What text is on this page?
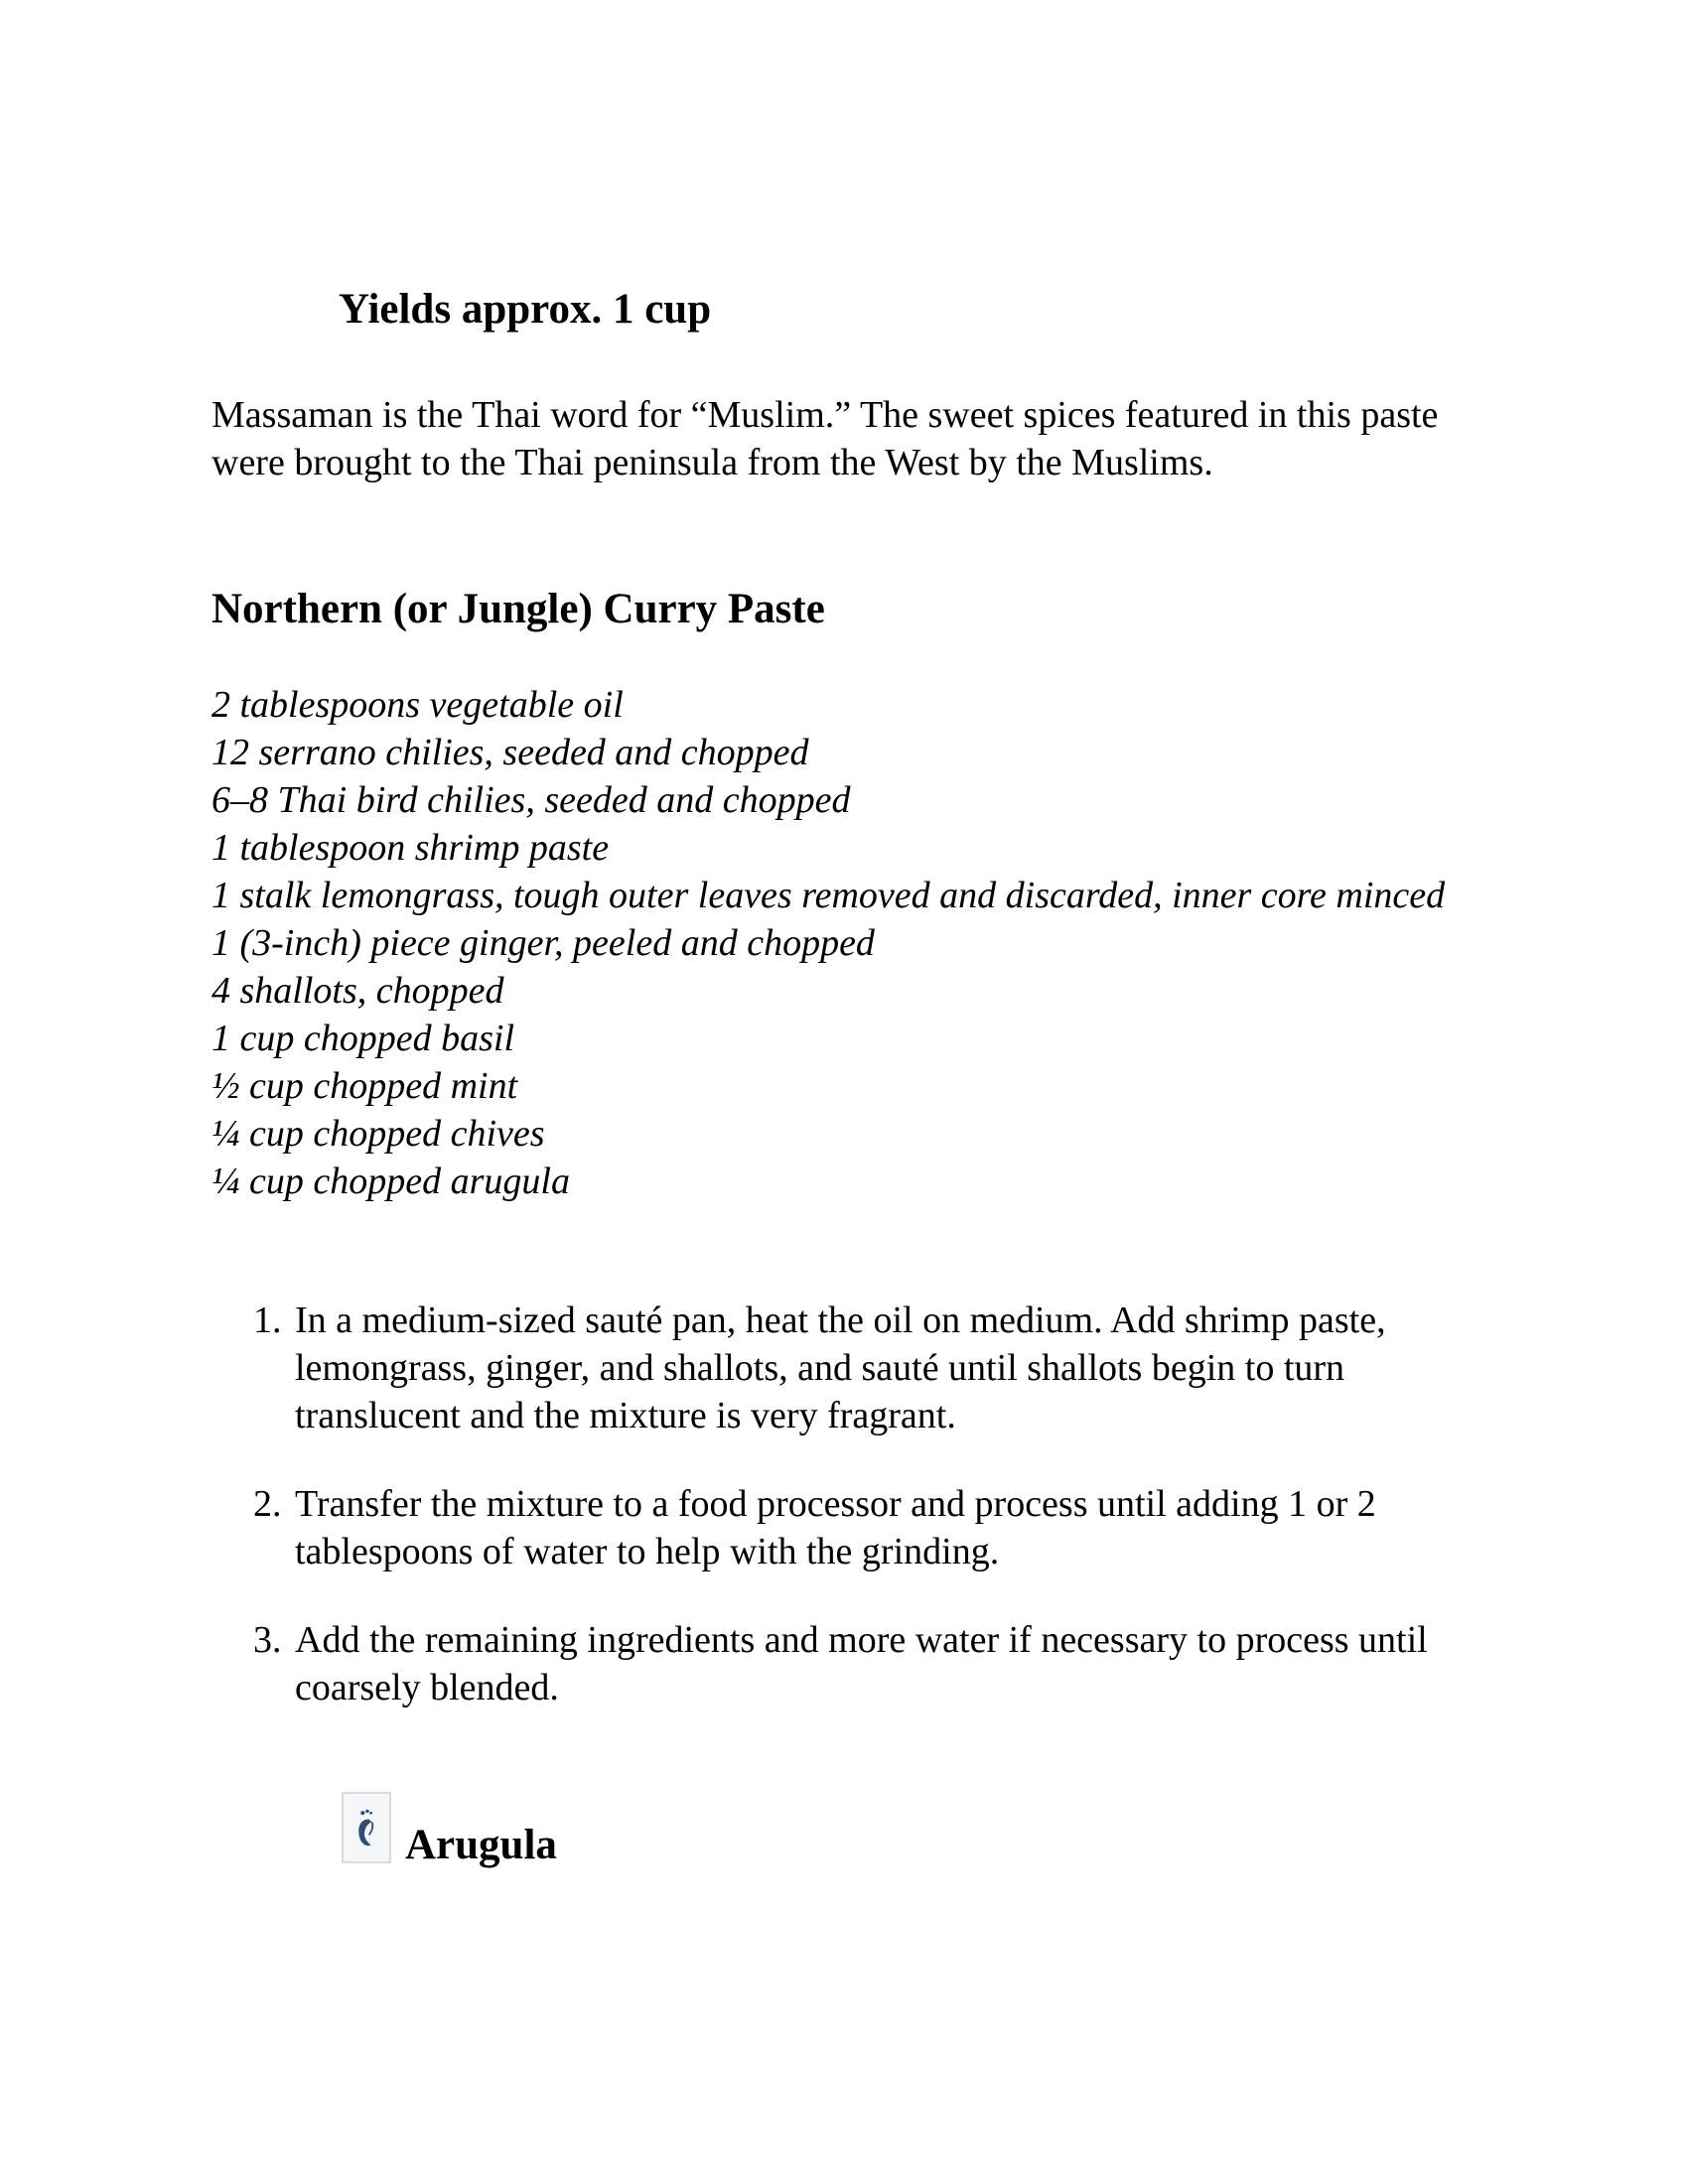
Yields approx. 1 cup

Massaman is the Thai word for “Muslim.” The sweet spices featured in this paste were brought to the Thai peninsula from the West by the Muslims.

Northern (or Jungle) Curry Paste
2 tablespoons vegetable oil
12 serrano chilies, seeded and chopped
6–8 Thai bird chilies, seeded and chopped
1 tablespoon shrimp paste
1 stalk lemongrass, tough outer leaves removed and discarded, inner core minced
1 (3-inch) piece ginger, peeled and chopped
4 shallots, chopped
1 cup chopped basil
½ cup chopped mint
¼ cup chopped chives
¼ cup chopped arugula
1. In a medium-sized sauté pan, heat the oil on medium. Add shrimp paste, lemongrass, ginger, and shallots, and sauté until shallots begin to turn translucent and the mixture is very fragrant.
2. Transfer the mixture to a food processor and process until adding 1 or 2 tablespoons of water to help with the grinding.
3. Add the remaining ingredients and more water if necessary to process until coarsely blended.
Arugula
